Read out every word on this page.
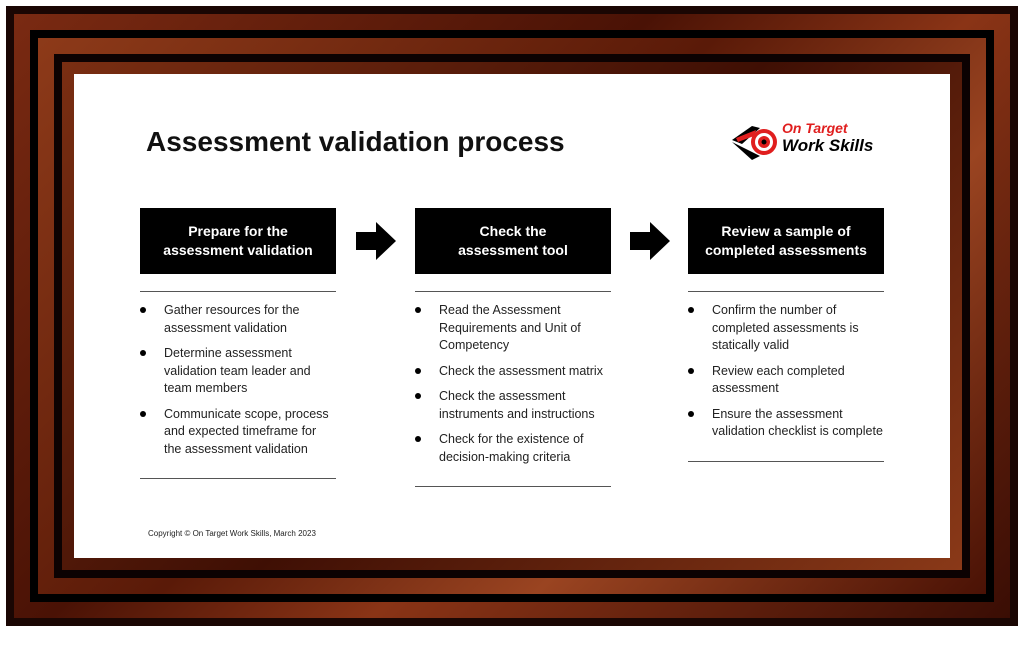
Assessment validation process	On Target
Work Skills
Prepare for the
assessment validation
Gather resources for the assessment validation
Determine assessment validation team leader and team members
Communicate scope, process and expected timeframe for the assessment validation
Check the
assessment tool
Read the Assessment Requirements and Unit of Competency
Check the assessment matrix
Check the assessment instruments and instructions
Check for the existence of decision-making criteria
Review a sample of
completed assessments
Confirm the number of completed assessments is statically valid
Review each completed assessment
Ensure the assessment validation checklist is complete
Copyright © On Target Work Skills, March 2023
